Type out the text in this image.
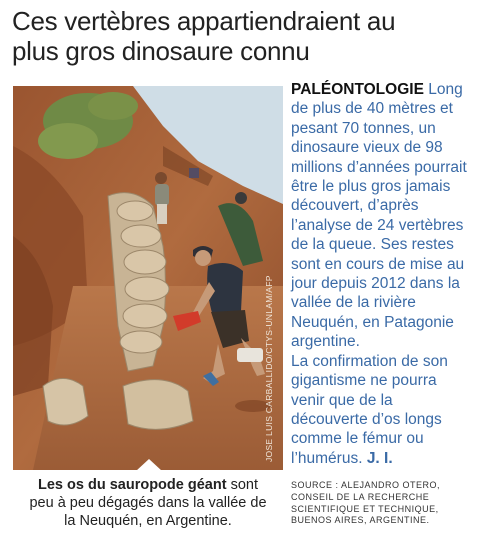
Ces vertèbres appartiendraient au
plus gros dinosaure connu
JOSE LUIS CARBALLIDO/CTYS-UNLAM/AFP
Les os du sauropode géant sont
peu à peu dégagés dans la vallée de
la Neuquén, en Argentine.
PALÉONTOLOGIE Long de plus de 40 mètres et pesant 70 tonnes, un dinosaure vieux de 98 millions d’années pourrait être le plus gros jamais découvert, d’après l’analyse de 24 vertèbres de la queue. Ses restes sont en cours de mise au jour depuis 2012 dans la vallée de la rivière Neuquén, en Patagonie argentine.
La confirmation de son gigantisme ne pourra venir que de la découverte d’os longs comme le fémur ou l’humérus. J. I.
SOURCE : ALEJANDRO OTERO,
CONSEIL DE LA RECHERCHE
SCIENTIFIQUE ET TECHNIQUE,
BUENOS AIRES, ARGENTINE.
